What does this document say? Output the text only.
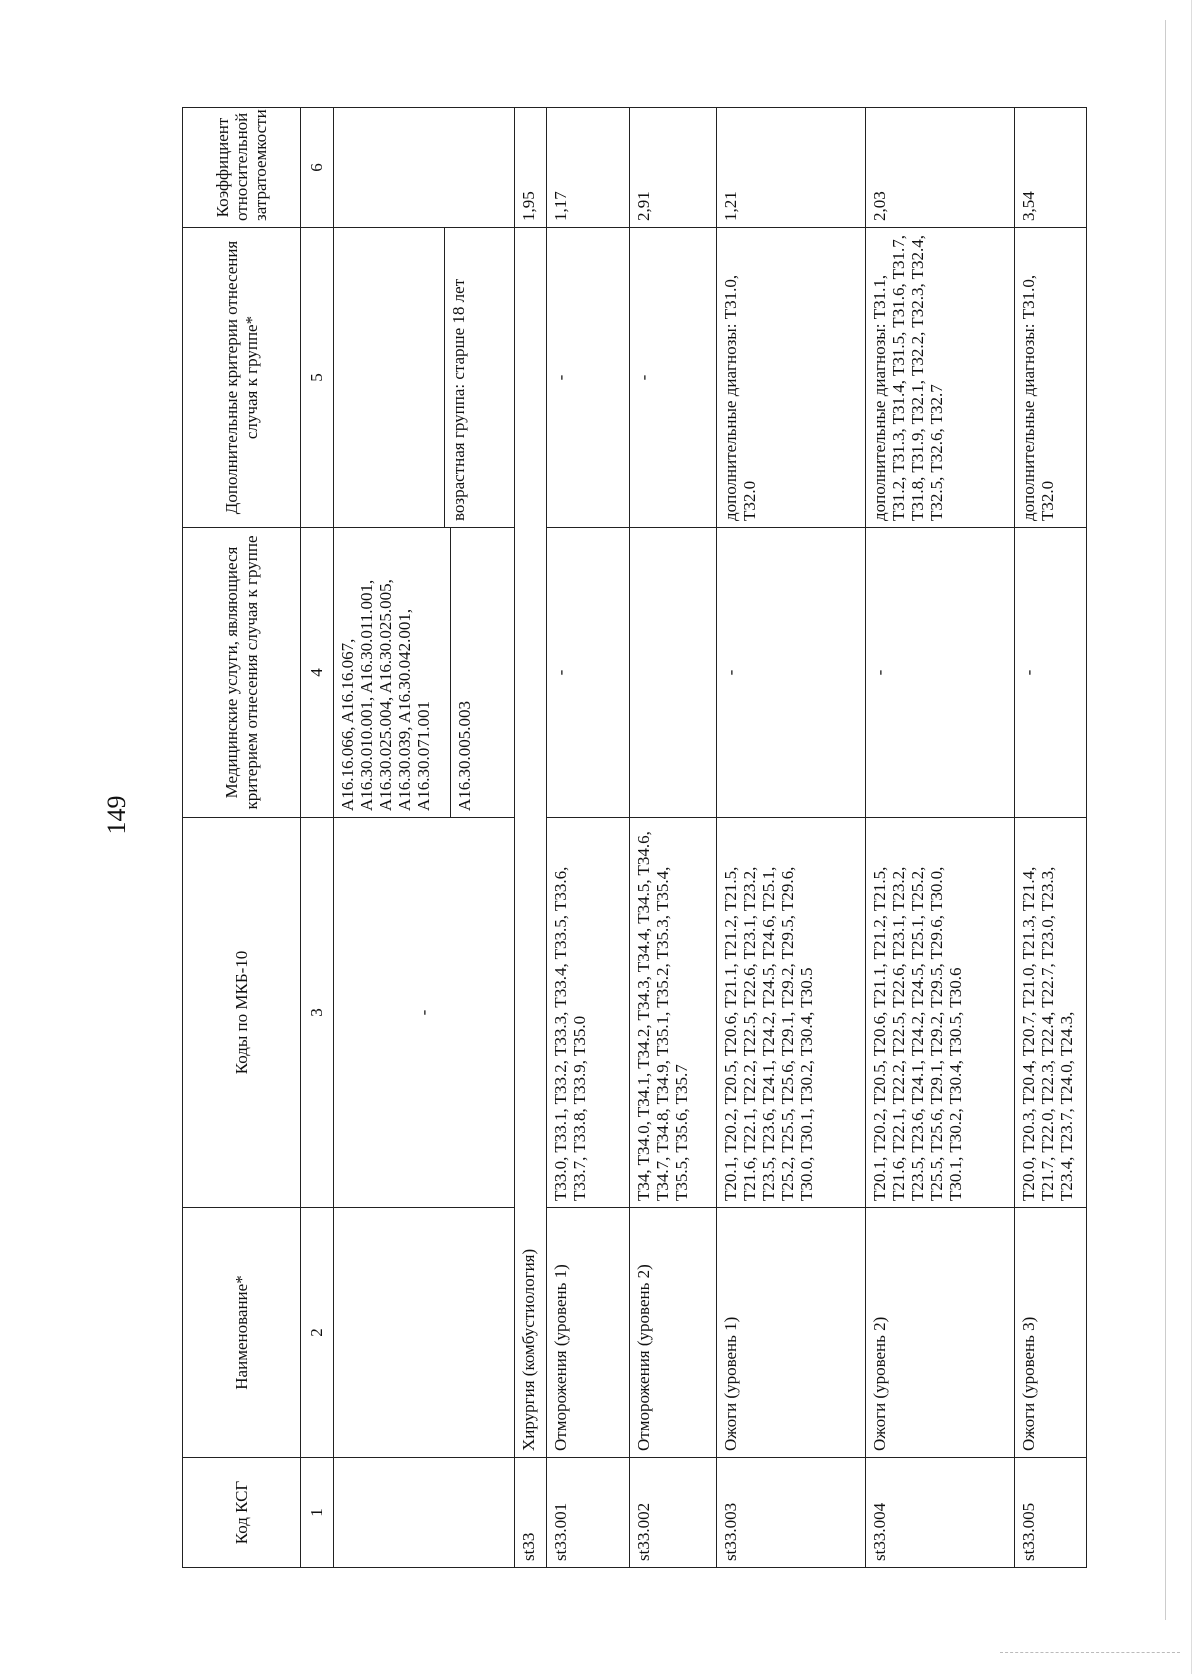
149
Код КСГ	Наименование*	Коды по МКБ-10	Медицинские услуги, являющиеся критерием отнесения случая к группе	Дополнительные критерии отнесения случая к группе*	Коэффициент относительной затратоемкости
1	2	3	4	5	6
		-	A16.16.066, A16.16.067, A16.30.010.001, A16.30.011.001, A16.30.025.004, A16.30.025.005, A16.30.039, A16.30.042.001, A16.30.071.001	возрастная группа: старше 18 лет	

			A16.30.005.003		
st33	Хирургия (комбустиология)				1,95
st33.001	Отморожения (уровень 1)	T33.0, T33.1, T33.2, T33.3, T33.4, T33.5, T33.6, T33.7, T33.8, T33.9, T35.0	-	-	1,17
st33.002	Отморожения (уровень 2)	T34, T34.0, T34.1, T34.2, T34.3, T34.4, T34.5, T34.6, T34.7, T34.8, T34.9, T35.1, T35.2, T35.3, T35.4, T35.5, T35.6, T35.7		-	2,91
st33.003	Ожоги (уровень 1)	T20.1, T20.2, T20.5, T20.6, T21.1, T21.2, T21.5, T21.6, T22.1, T22.2, T22.5, T22.6, T23.1, T23.2, T23.5, T23.6, T24.1, T24.2, T24.5, T24.6, T25.1, T25.2, T25.5, T25.6, T29.1, T29.2, T29.5, T29.6, T30.0, T30.1, T30.2, T30.4, T30.5	-	дополнительные диагнозы: T31.0, T32.0	1,21
st33.004	Ожоги (уровень 2)	T20.1, T20.2, T20.5, T20.6, T21.1, T21.2, T21.5, T21.6, T22.1, T22.2, T22.5, T22.6, T23.1, T23.2, T23.5, T23.6, T24.1, T24.2, T24.5, T25.1, T25.2, T25.5, T25.6, T29.1, T29.2, T29.5, T29.6, T30.0, T30.1, T30.2, T30.4, T30.5, T30.6	-	дополнительные диагнозы: T31.1, T31.2, T31.3, T31.4, T31.5, T31.6, T31.7, T31.8, T31.9, T32.1, T32.2, T32.3, T32.4, T32.5, T32.6, T32.7	2,03
st33.005	Ожоги (уровень 3)	T20.0, T20.3, T20.4, T20.7, T21.0, T21.3, T21.4, T21.7, T22.0, T22.3, T22.4, T22.7, T23.0, T23.3, T23.4, T23.7, T24.0, T24.3,	-	дополнительные диагнозы: T31.0, T32.0	3,54
